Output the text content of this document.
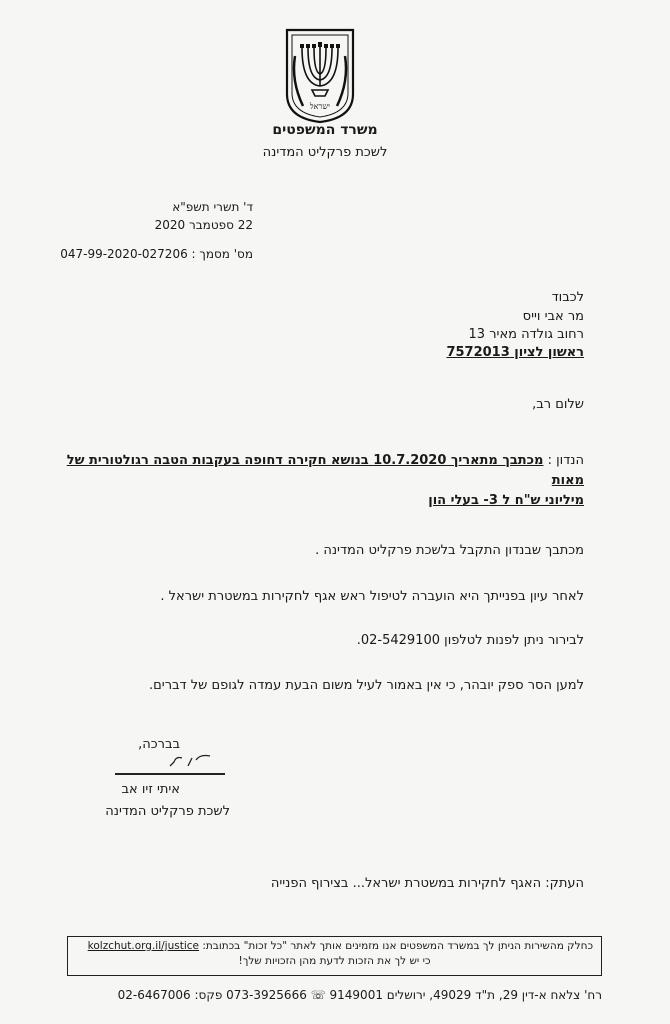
ישראל
משרד המשפטים
לשכת פרקליט המדינה
ד' תשרי תשפ"א
22 ספטמבר 2020
מס' מסמך : 047-99-2020-027206
לכבוד
מר אבי וייס
רחוב גולדה מאיר 13
ראשון לציון 7572013
שלום רב,
הנדון : מכתבך מתאריך 10.7.2020 בנושא חקירה דחופה בעקבות הטבה רגולטורית של מאות
מיליוני ש"ח ל 3- בעלי הון
מכתבך שבנדון התקבל בלשכת פרקליט המדינה .
לאחר עיון בפנייתך היא הועברה לטיפול ראש אגף לחקירות במשטרת ישראל .
לבירור ניתן לפנות לטלפון 02-5429100.
למען הסר ספק יובהר, כי אין באמור לעיל משום הבעת עמדה לגופם של דברים.
בברכה,
איתי זיו אב
לשכת פרקליט המדינה
העתק: האגף לחקירות במשטרת ישראל... בצירוף הפנייה
כחלק מהשירות הניתן לך במשרד המשפטים אנו מזמינים אותך לאתר "כל זכות" בכתובת: kolzchut.org.il/justice
כי יש לך את הזכות לדעת מהן הזכויות שלך!
רח' צלאח א-דין 29, ת"ד 49029, ירושלים 9149001 ☏ 073-3925666 פקס: 02-6467006
